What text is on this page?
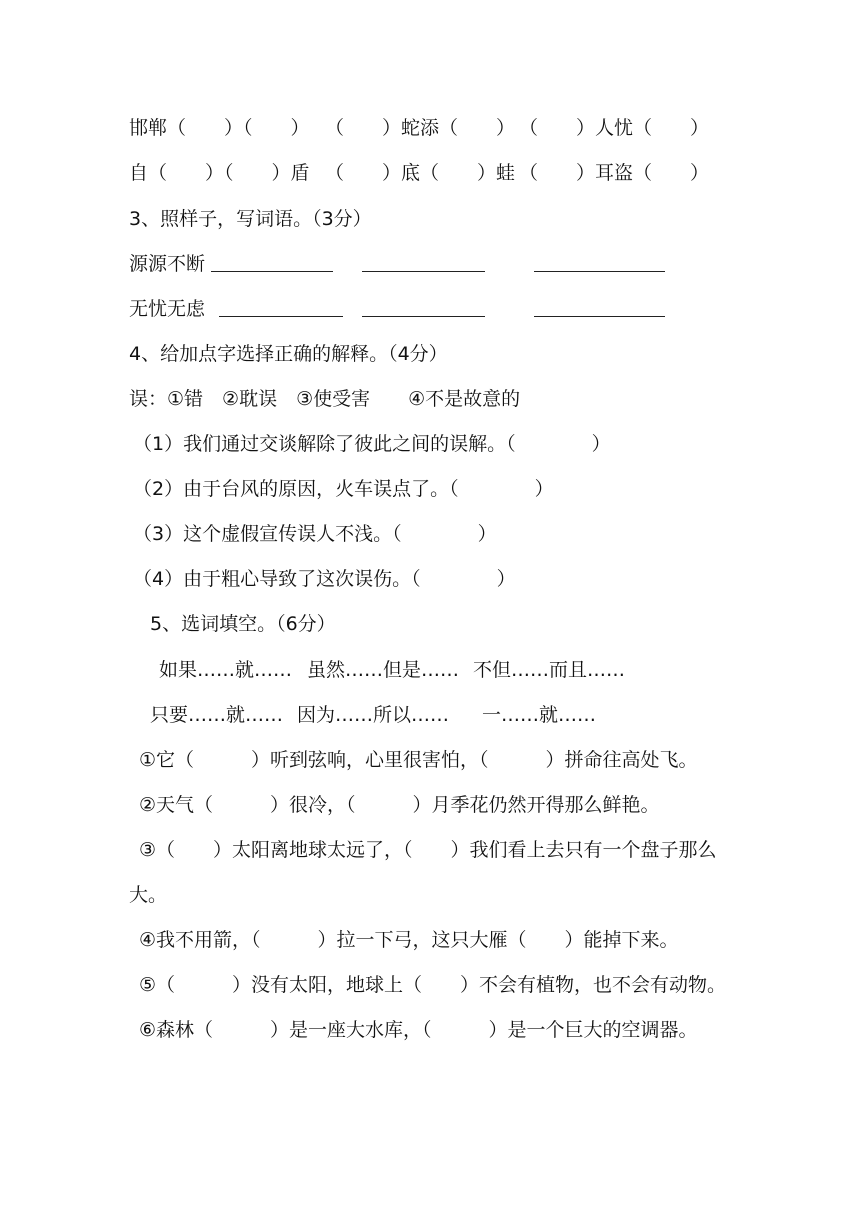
邯郸（　　）（　　）

（　　）蛇添（　　）

（　　）人忧（　　）

自（　　）（　　）盾

（　　）底（　　）蛙

（　　）耳盗（　　）

3、照样子，写词语。（3分）

源源不断

无忧无虑

4、给加点字选择正确的解释。（4分）
误：①错　②耽误　③使受害　　④不是故意的
（1）我们通过交谈解除了彼此之间的误解。（　　　　）
（2）由于台风的原因，火车误点了。（　　　　）
（3）这个虚假宣传误人不浅。（　　　　）
（4）由于粗心导致了这次误伤。（　　　　）
5、选词填空。（6分）

如果……就……

虽然……但是……

不但……而且……

只要……就……

因为……所以……

一……就……

①它（　　　）听到弦响，心里很害怕，（　　　）拼命往高处飞。
②天气（　　　）很冷，（　　　）月季花仍然开得那么鲜艳。
③（　　）太阳离地球太远了，（　　）我们看上去只有一个盘子那么
大。
④我不用箭，（　　　）拉一下弓，这只大雁（　　）能掉下来。
⑤（　　　）没有太阳，地球上（　　）不会有植物，也不会有动物。
⑥森林（　　　）是一座大水库，（　　　）是一个巨大的空调器。
